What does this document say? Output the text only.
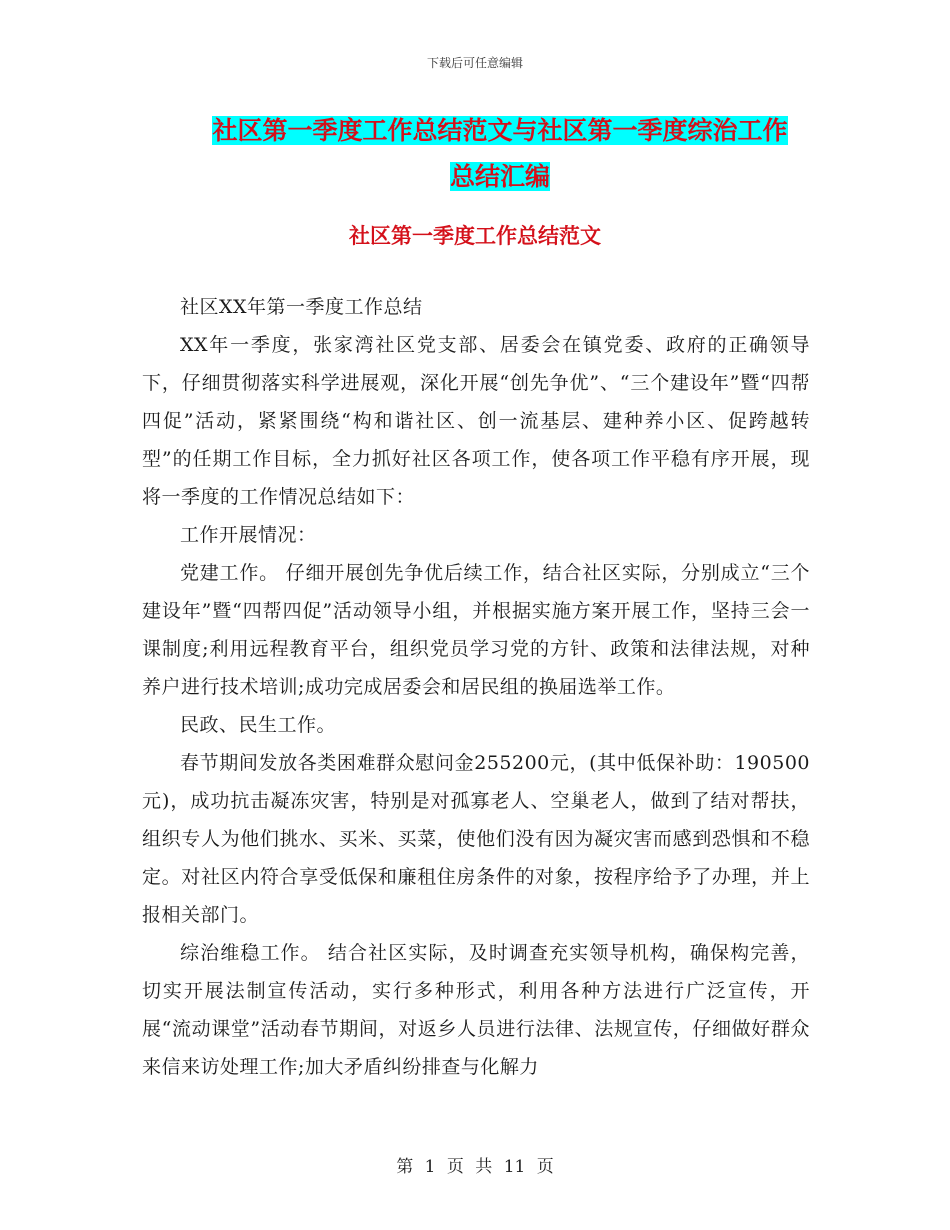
下载后可任意编辑
社区第一季度工作总结范文与社区第一季度综治工作
总结汇编
社区第一季度工作总结范文

社区XX年第一季度工作总结

XX年一季度，张家湾社区党支部、居委会在镇党委、政府的正确领导下，仔细贯彻落实科学进展观，深化开展“创先争优”、“三个建设年”暨“四帮四促”活动，紧紧围绕“构和谐社区、创一流基层、建种养小区、促跨越转型”的任期工作目标，全力抓好社区各项工作，使各项工作平稳有序开展，现将一季度的工作情况总结如下：

工作开展情况：

党建工作。 仔细开展创先争优后续工作，结合社区实际，分别成立“三个建设年”暨“四帮四促”活动领导小组，并根据实施方案开展工作，坚持三会一课制度;利用远程教育平台，组织党员学习党的方针、政策和法律法规，对种养户进行技术培训;成功完成居委会和居民组的换届选举工作。

民政、民生工作。

春节期间发放各类困难群众慰问金255200元，(其中低保补助：190500元)，成功抗击凝冻灾害，特别是对孤寡老人、空巢老人，做到了结对帮扶，组织专人为他们挑水、买米、买菜，使他们没有因为凝灾害而感到恐惧和不稳定。对社区内符合享受低保和廉租住房条件的对象，按程序给予了办理，并上报相关部门。

综治维稳工作。 结合社区实际，及时调查充实领导机构，确保构完善，切实开展法制宣传活动，实行多种形式，利用各种方法进行广泛宣传，开展“流动课堂”活动春节期间，对返乡人员进行法律、法规宣传，仔细做好群众来信来访处理工作;加大矛盾纠纷排查与化解力

第 1 页 共 11 页
